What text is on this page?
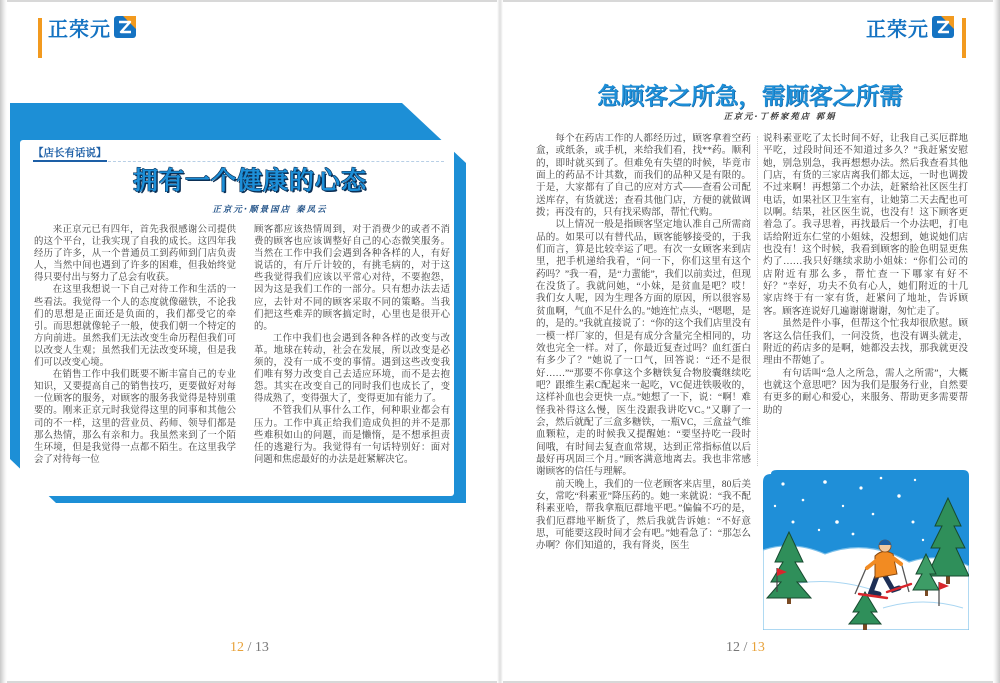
正荣元	正荣元
【店长有话说】
拥有一个健康的心态
正京元·顺景国店 秦凤云

来正京元已有四年，首先我很感谢公司提供的这个平台，让我实现了自我的成长。这四年我经历了许多，从一个普通员工到药师到门店负责人，当然中间也遇到了许多的困难，但我始终觉得只要付出与努力了总会有收获。

在这里我想说一下自己对待工作和生活的一些看法。我觉得一个人的态度就像磁铁，不论我们的思想是正面还是负面的，我们都受它的牵引。而思想就像轮子一般，使我们朝一个特定的方向前进。虽然我们无法改变生命历程但我们可以改变人生观；虽然我们无法改变环境，但是我们可以改变心境。

在销售工作中我们既要不断丰富自己的专业知识，又要提高自己的销售技巧，更要做好对每一位顾客的服务，对顾客的服务我觉得是特别重要的。刚来正京元时我觉得这里的同事和其他公司的不一样，这里的营业员、药师、领导们都是那么热情，那么有亲和力。我虽然来到了一个陌生环境，但是我觉得一点都不陌生。在这里我学会了对待每一位

顾客都应该热情周到，对于消费少的或者不消费的顾客也应该调整好自己的心态微笑服务。当然在工作中我们会遇到各种各样的人，有好说话的，有斤斤计较的，有挑毛病的，对于这些我觉得我们应该以平常心对待，不要抱怨，因为这是我们工作的一部分。只有想办法去适应，去针对不同的顾客采取不同的策略。当我们把这些难弄的顾客搞定时，心里也是很开心的。

工作中我们也会遇到各种各样的改变与改革。地球在转动，社会在发展，所以改变是必须的，没有一成不变的事情。遇到这些改变我们唯有努力改变自己去适应环境，而不是去抱怨。其实在改变自己的同时我们也成长了，变得成熟了，变得强大了，变得更加有能力了。

不管我们从事什么工作，何种职业都会有压力。工作中真正给我们造成负担的并不是那些难积如山的问题，而是懒惰，是不想承担责任的逃避行为。我觉得有一句话特别好：面对问题和焦虑最好的办法是赶紧解决它。

急顾客之所急，需顾客之所需
正京元·丁桥家苑店 郭娟

每个在药店工作的人都经历过，顾客拿着空药盒，或纸条，或手机，来给我们看，找**药。顺利的，即时就买到了。但难免有失望的时候，毕竟市面上的药品不计其数，而我们的品种又是有限的。于是，大家都有了自己的应对方式——查看公司配送库存，有货就送；查看其他门店，方便的就做调拨；再没有的，只有找采购部，帮忙代购。

以上情况一般是指顾客坚定地认准自己所需商品的。如果可以有替代品，顾客能够接受的，于我们而言，算是比较幸运了吧。有次一女顾客来到店里，把手机递给我看，“问一下，你们这里有这个药吗？”我一看，是“力蜚能”，我们以前卖过，但现在没货了。我就问她，“小妹，是贫血是吧？哎！我们女人呢，因为生理各方面的原因，所以很容易贫血啊，气血不足什么的。”她连忙点头，“嗯嗯，是的，是的。”我就直接说了：“你的这个我们店里没有一模一样厂家的，但是有成分含量完全相同的，功效也完全一样。对了，你最近复查过吗？血红蛋白有多少了？”她说了一口气，回答说：“还不是很好……”“那要不你拿这个多糖铁复合物胶囊继续吃吧？跟维生素C配起来一起吃，VC促进铁吸收的，这样补血也会更快一点。”她想了一下，说：“啊！难怪我补得这么慢，医生没跟我讲吃VC。”又聊了一会，然后就配了三盒多糖铁，一瓶VC，三盒益气维血颗粒，走的时候我又提醒她：“要坚持吃一段时间哦，有时间去复查血常规，达到正常指标值以后最好再巩固三个月。”顾客满意地离去。我也非常感谢顾客的信任与理解。

前天晚上，我们的一位老顾客来店里，80后美女，常吃“科素亚”降压药的。她一来就说：“我不配科素亚哈，帮我拿瓶厄群地平吧。”偏偏不巧的是，我们厄群地平断货了，然后我就告诉她：“不好意思，可能要这段时间才会有吧。”她看急了：“那怎么办啊？你们知道的，我有肾炎，医生

说科素亚吃了太长时间不好，让我自己买厄群地平吃，过段时间还不知道过多久？”我赶紧安慰她，别急别急，我再想想办法。然后我查看其他门店，有货的三家店离我们都太远，一时也调拨不过来啊！再想第二个办法，赶紧给社区医生打电话，如果社区卫生室有，让她第二天去配也可以啊。结果，社区医生说，也没有！这下顾客更着急了。我寻思着，再找最后一个办法吧，打电话给附近东仁堂的小姐妹，没想到，她说她们店也没有！这个时候，我看到顾客的脸色明显更焦灼了……我只好继续求助小姐妹：“你们公司的店附近有那么多，帮忙查一下哪家有好不好？”幸好，功夫不负有心人，她们附近的十几家店终于有一家有货，赶紧问了地址，告诉顾客。顾客连说好几遍谢谢谢谢，匆忙走了。

虽然是件小事，但帮这个忙我却很欣慰。顾客这么信任我们，一问没货，也没有调头就走，附近的药店多的是啊，她都没去找，那我就更没理由不帮她了。

有句话叫“急人之所急，需人之所需”，大概也就这个意思吧？因为我们是服务行业，自然要有更多的耐心和爱心，来服务、帮助更多需要帮助的

12 / 13	12 / 13
